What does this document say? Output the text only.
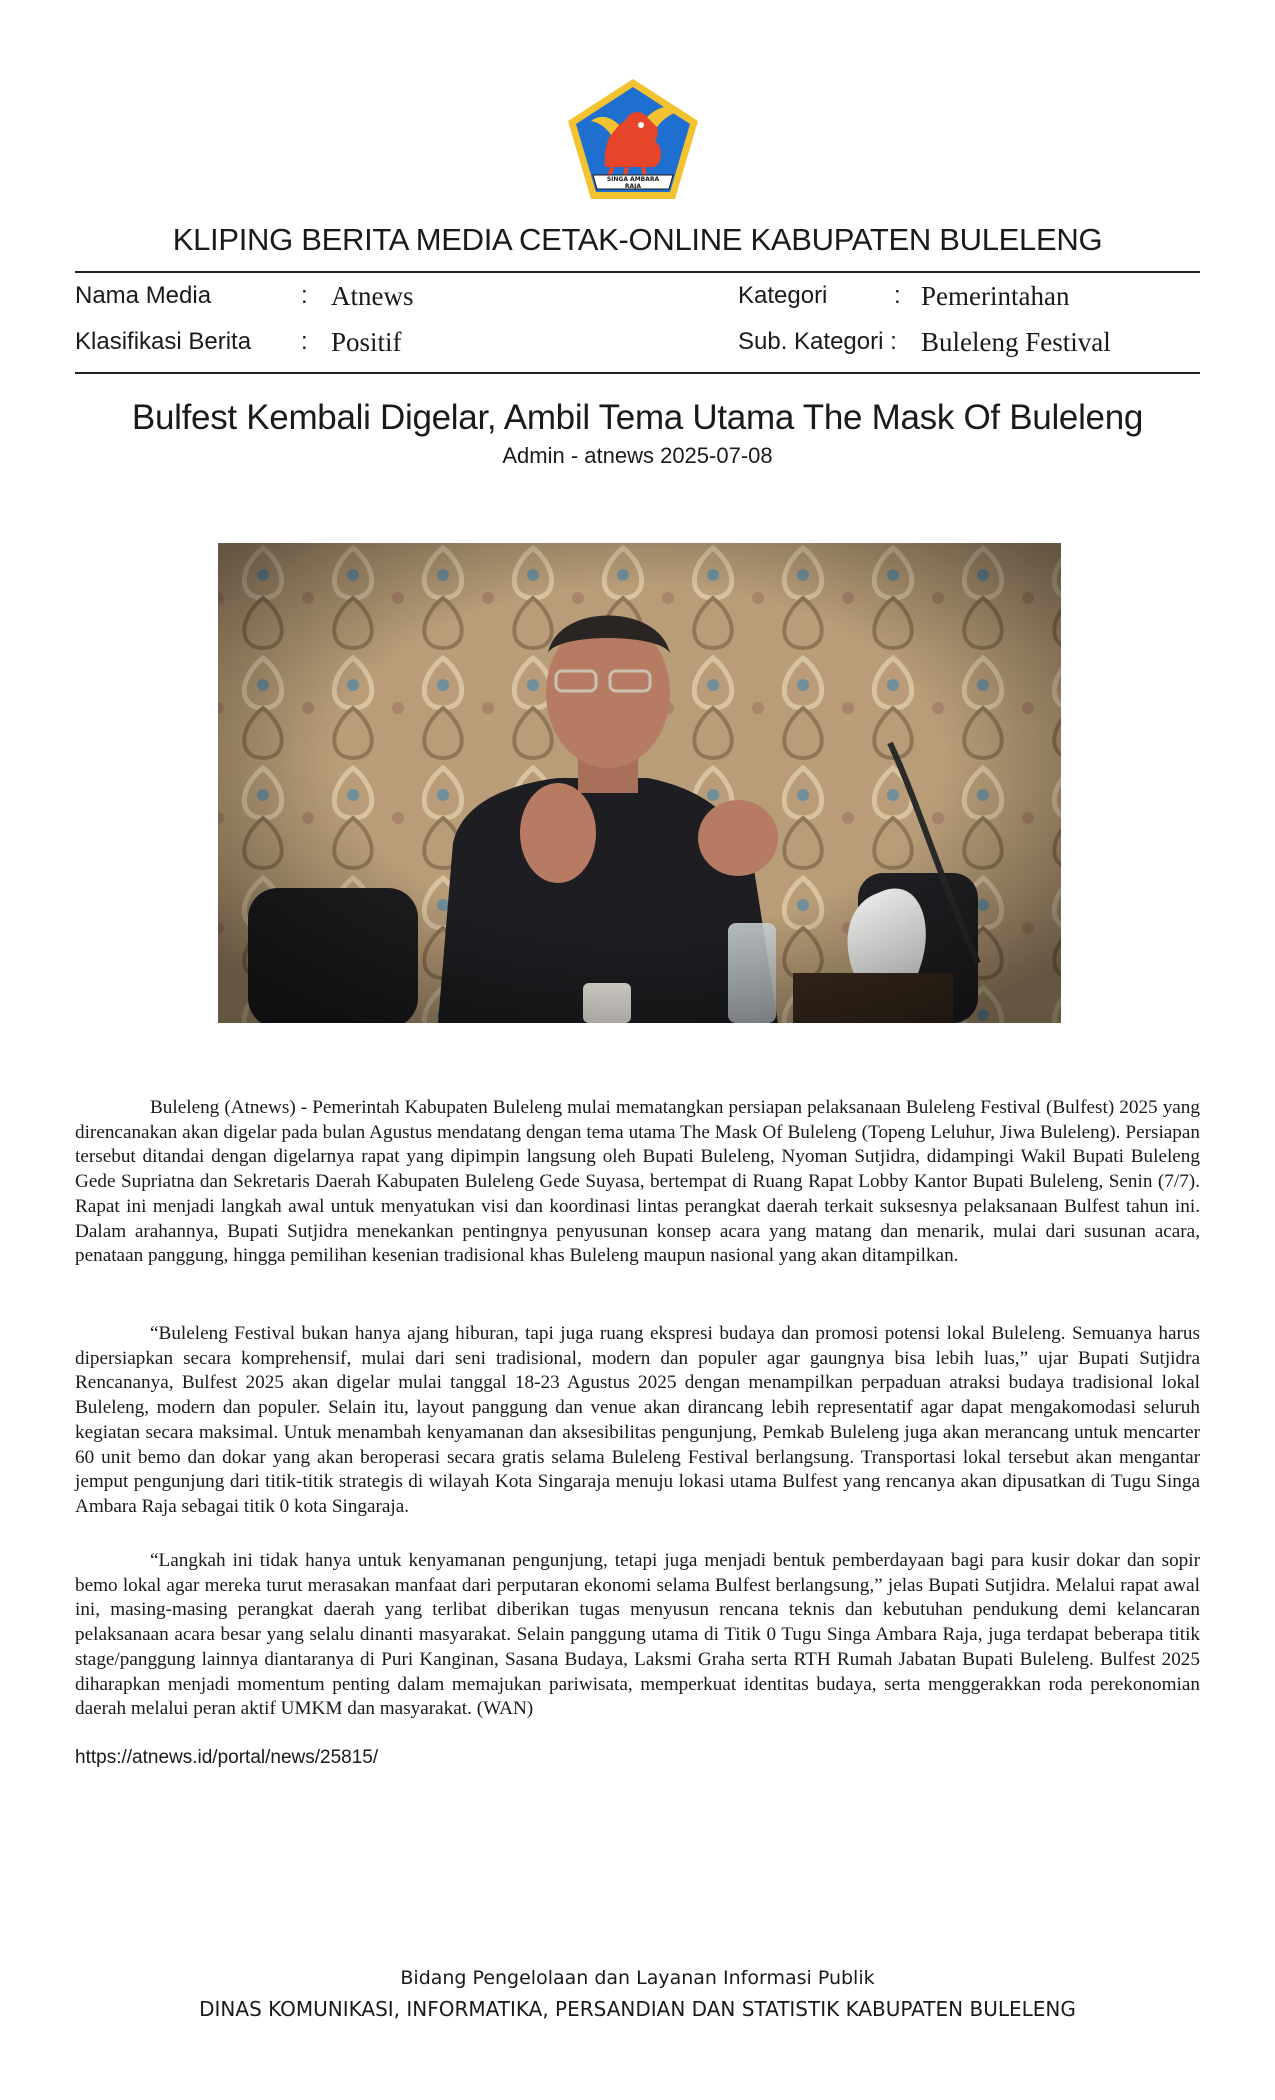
SINGA AMBARA RAJA
KLIPING BERITA MEDIA CETAK-ONLINE KABUPATEN BULELENG
Nama Media	: Atnews
Klasifikasi Berita : Positif
Kategori	: Pemerintahan
Sub. Kategori : Buleleng Festival
Bulfest Kembali Digelar, Ambil Tema Utama The Mask Of Buleleng
Admin - atnews 2025-07-08

Buleleng (Atnews) - Pemerintah Kabupaten Buleleng mulai mematangkan persiapan pelaksanaan Buleleng Festival (Bulfest) 2025 yang direncanakan akan digelar pada bulan Agustus mendatang dengan tema utama The Mask Of Buleleng (Topeng Leluhur, Jiwa Buleleng). Persiapan tersebut ditandai dengan digelarnya rapat yang dipimpin langsung oleh Bupati Buleleng, Nyoman Sutjidra, didampingi Wakil Bupati Buleleng Gede Supriatna dan Sekretaris Daerah Kabupaten Buleleng Gede Suyasa, bertempat di Ruang Rapat Lobby Kantor Bupati Buleleng, Senin (7/7). Rapat ini menjadi langkah awal untuk menyatukan visi dan koordinasi lintas perangkat daerah terkait suksesnya pelaksanaan Bulfest tahun ini. Dalam arahannya, Bupati Sutjidra menekankan pentingnya penyusunan konsep acara yang matang dan menarik, mulai dari susunan acara, penataan panggung, hingga pemilihan kesenian tradisional khas Buleleng maupun nasional yang akan ditampilkan.

“Buleleng Festival bukan hanya ajang hiburan, tapi juga ruang ekspresi budaya dan promosi potensi lokal Buleleng. Semuanya harus dipersiapkan secara komprehensif, mulai dari seni tradisional, modern dan populer agar gaungnya bisa lebih luas,” ujar Bupati Sutjidra Rencananya, Bulfest 2025 akan digelar mulai tanggal 18-23 Agustus 2025 dengan menampilkan perpaduan atraksi budaya tradisional lokal Buleleng, modern dan populer. Selain itu, layout panggung dan venue akan dirancang lebih representatif agar dapat mengakomodasi seluruh kegiatan secara maksimal. Untuk menambah kenyamanan dan aksesibilitas pengunjung, Pemkab Buleleng juga akan merancang untuk mencarter 60 unit bemo dan dokar yang akan beroperasi secara gratis selama Buleleng Festival berlangsung. Transportasi lokal tersebut akan mengantar jemput pengunjung dari titik-titik strategis di wilayah Kota Singaraja menuju lokasi utama Bulfest yang rencanya akan dipusatkan di Tugu Singa Ambara Raja sebagai titik 0 kota Singaraja.

“Langkah ini tidak hanya untuk kenyamanan pengunjung, tetapi juga menjadi bentuk pemberdayaan bagi para kusir dokar dan sopir bemo lokal agar mereka turut merasakan manfaat dari perputaran ekonomi selama Bulfest berlangsung,” jelas Bupati Sutjidra. Melalui rapat awal ini, masing-masing perangkat daerah yang terlibat diberikan tugas menyusun rencana teknis dan kebutuhan pendukung demi kelancaran pelaksanaan acara besar yang selalu dinanti masyarakat. Selain panggung utama di Titik 0 Tugu Singa Ambara Raja, juga terdapat beberapa titik stage/panggung lainnya diantaranya di Puri Kanginan, Sasana Budaya, Laksmi Graha serta RTH Rumah Jabatan Bupati Buleleng. Bulfest 2025 diharapkan menjadi momentum penting dalam memajukan pariwisata, memperkuat identitas budaya, serta menggerakkan roda perekonomian daerah melalui peran aktif UMKM dan masyarakat. (WAN)

https://atnews.id/portal/news/25815/
Bidang Pengelolaan dan Layanan Informasi Publik
DINAS KOMUNIKASI, INFORMATIKA, PERSANDIAN DAN STATISTIK KABUPATEN BULELENG
